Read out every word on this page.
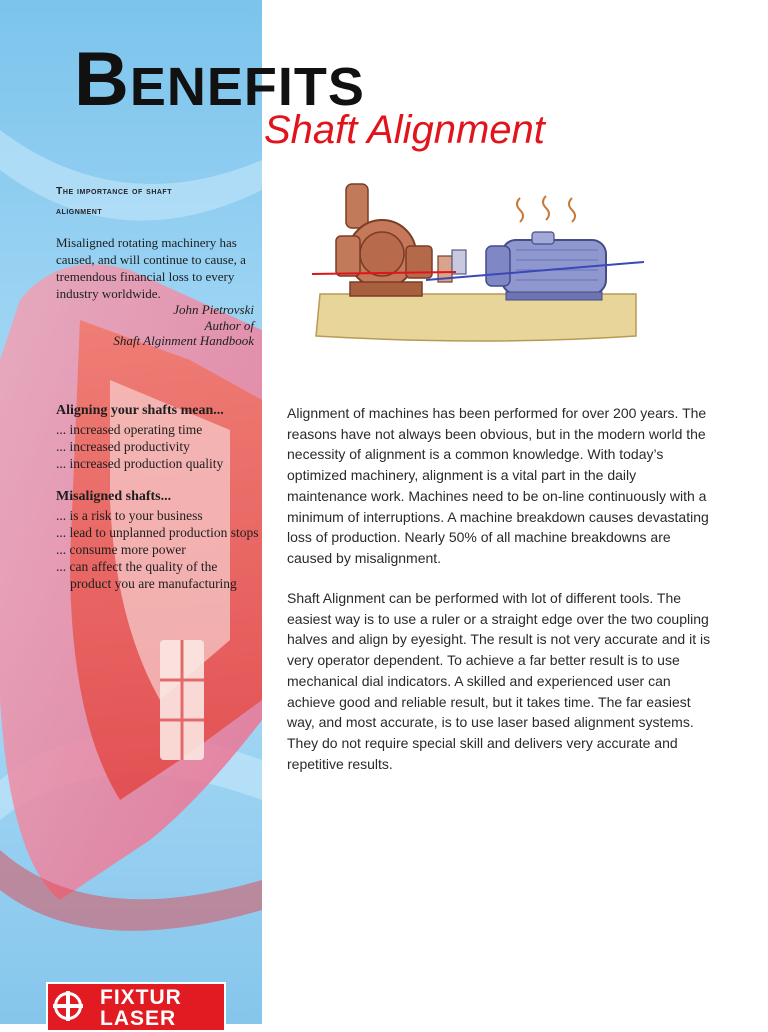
BENEFITS
Shaft Alignment
The importance of shaft
alignment
Misaligned rotating machinery has caused, and will continue to cause, a tremendous financial loss to every industry worldwide.
John Pietrovski
Author of
Shaft Alginment Handbook
Aligning your shafts mean...
... increased operating time
... increased productivity
... increased production quality
Misaligned shafts...
... is a risk to your business
... lead to unplanned production stops
... consume more power
... can affect the quality of the product you are manufacturing
Alignment of machines has been performed for over 200 years. The reasons have not always been obvious, but in the modern world the necessity of alignment is a common knowledge. With today’s optimized machinery, alignment is a vital part in the daily maintenance work. Machines need to be on-line continuously with a minimum of interruptions. A machine breakdown causes devastating loss of production. Nearly 50% of all machine breakdowns are caused by misalignment.
Shaft Alignment can be performed with lot of different tools. The easiest way is to use a ruler or a straight edge over the two coupling halves and align by eyesight. The result is not very accurate and it is very operator dependent. To achieve a far better result is to use mechanical dial indicators. A skilled and experienced user can achieve good and reliable result, but it takes time. The far easiest way, and most accurate, is to use laser based alignment systems. They do not require special skill and delivers very accurate and repetitive results.
FIXTUR
LASER
